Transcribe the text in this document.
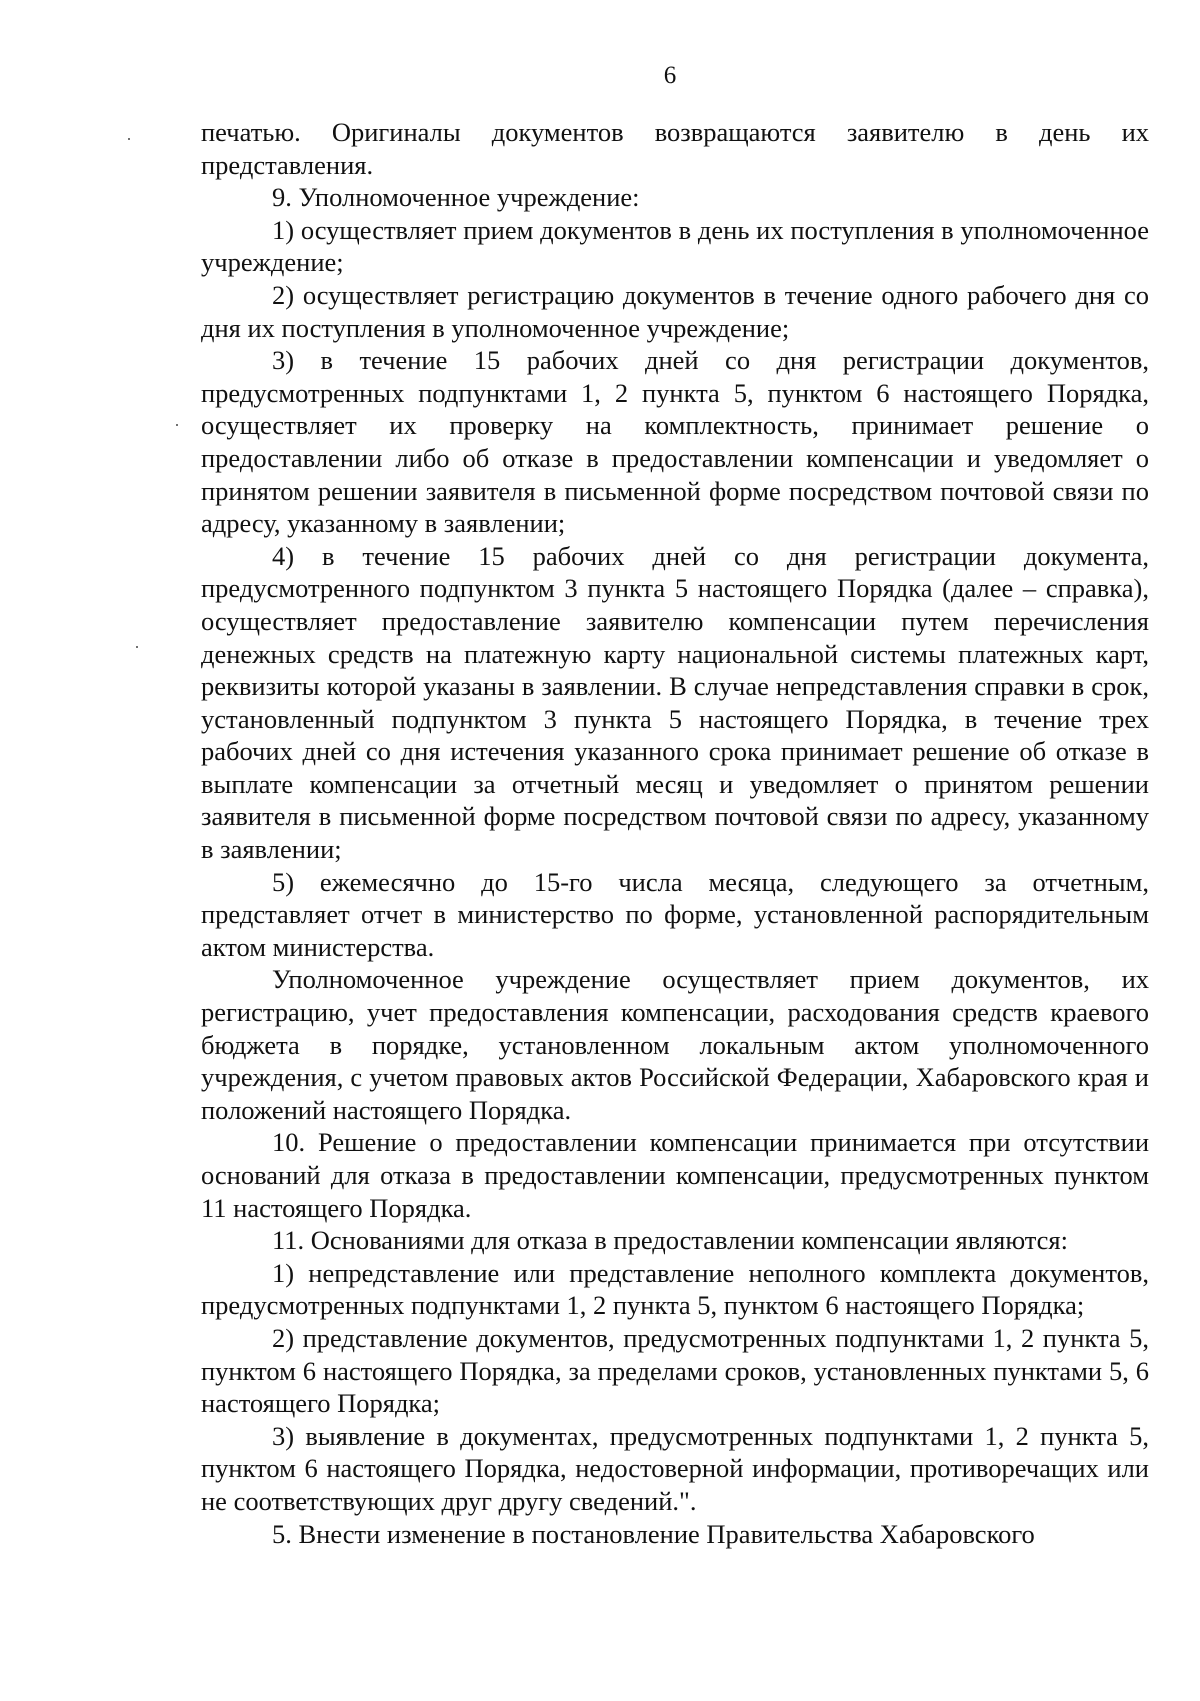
6

печатью. Оригиналы документов возвращаются заявителю в день их представления.

9. Уполномоченное учреждение:

1) осуществляет прием документов в день их поступления в уполномоченное учреждение;

2) осуществляет регистрацию документов в течение одного рабочего дня со дня их поступления в уполномоченное учреждение;

3) в течение 15 рабочих дней со дня регистрации документов, предусмотренных подпунктами 1, 2 пункта 5, пунктом 6 настоящего Порядка, осуществляет их проверку на комплектность, принимает решение о предоставлении либо об отказе в предоставлении компенсации и уведомляет о принятом решении заявителя в письменной форме посредством почтовой связи по адресу, указанному в заявлении;

4) в течение 15 рабочих дней со дня регистрации документа, предусмотренного подпунктом 3 пункта 5 настоящего Порядка (далее – справка), осуществляет предоставление заявителю компенсации путем перечисления денежных средств на платежную карту национальной системы платежных карт, реквизиты которой указаны в заявлении. В случае непредставления справки в срок, установленный подпунктом 3 пункта 5 настоящего Порядка, в течение трех рабочих дней со дня истечения указанного срока принимает решение об отказе в выплате компенсации за отчетный месяц и уведомляет о принятом решении заявителя в письменной форме посредством почтовой связи по адресу, указанному в заявлении;

5) ежемесячно до 15-го числа месяца, следующего за отчетным, представляет отчет в министерство по форме, установленной распорядительным актом министерства.

Уполномоченное учреждение осуществляет прием документов, их регистрацию, учет предоставления компенсации, расходования средств краевого бюджета в порядке, установленном локальным актом уполномоченного учреждения, с учетом правовых актов Российской Федерации, Хабаровского края и положений настоящего Порядка.

10. Решение о предоставлении компенсации принимается при отсутствии оснований для отказа в предоставлении компенсации, предусмотренных пунктом 11 настоящего Порядка.

11. Основаниями для отказа в предоставлении компенсации являются:

1) непредставление или представление неполного комплекта документов, предусмотренных подпунктами 1, 2 пункта 5, пунктом 6 настоящего Порядка;

2) представление документов, предусмотренных подпунктами 1, 2 пункта 5, пунктом 6 настоящего Порядка, за пределами сроков, установленных пунктами 5, 6 настоящего Порядка;

3) выявление в документах, предусмотренных подпунктами 1, 2 пункта 5, пунктом 6 настоящего Порядка, недостоверной информации, противоречащих или не соответствующих друг другу сведений.".

5. Внести изменение в постановление Правительства Хабаровского
